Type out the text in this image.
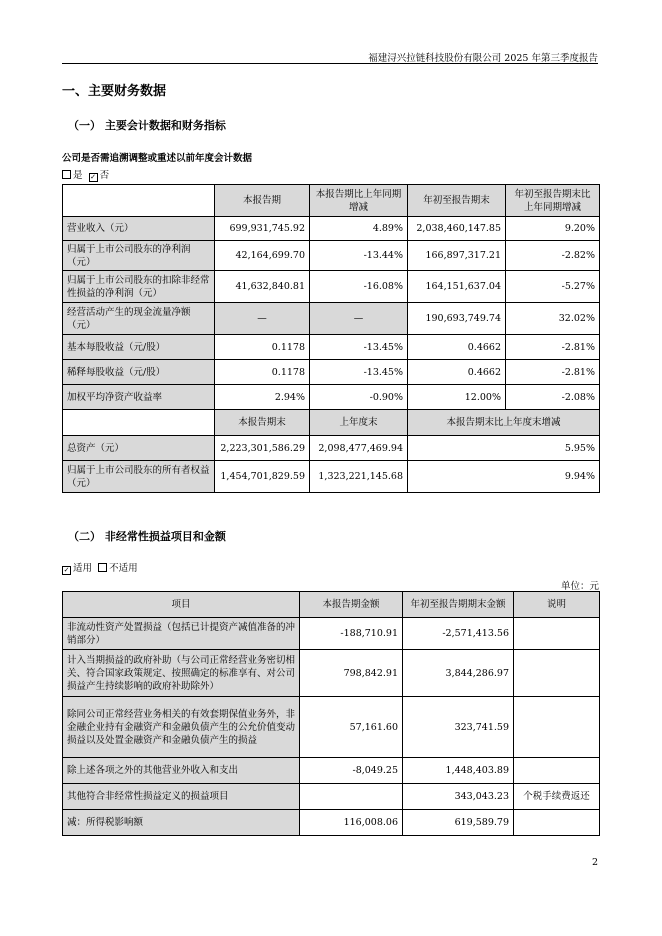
福建浔兴拉链科技股份有限公司 2025 年第三季度报告
一、主要财务数据
（一） 主要会计数据和财务指标
公司是否需追溯调整或重述以前年度会计数据
是 ✓ 否
	本报告期	本报告期比上年同期增减	年初至报告期末	年初至报告期末比上年同期增减
营业收入（元）	699,931,745.92	4.89%	2,038,460,147.85	9.20%
归属于上市公司股东的净利润（元）	42,164,699.70	-13.44%	166,897,317.21	-2.82%
归属于上市公司股东的扣除非经常性损益的净利润（元）	41,632,840.81	-16.08%	164,151,637.04	-5.27%
经营活动产生的现金流量净额（元）	—	—	190,693,749.74	32.02%
基本每股收益（元/股）	0.1178	-13.45%	0.4662	-2.81%
稀释每股收益（元/股）	0.1178	-13.45%	0.4662	-2.81%
加权平均净资产收益率	2.94%	-0.90%	12.00%	-2.08%
	本报告期末	上年度末	本报告期末比上年度末增减	
总资产（元）	2,223,301,586.29	2,098,477,469.94	5.95%	
归属于上市公司股东的所有者权益（元）	1,454,701,829.59	1,323,221,145.68	9.94%	
（二） 非经常性损益项目和金额
✓ 适用 不适用
单位：元
项目	本报告期金额	年初至报告期期末金额	说明
非流动性资产处置损益（包括已计提资产减值准备的冲销部分）	-188,710.91	-2,571,413.56	
计入当期损益的政府补助（与公司正常经营业务密切相关、符合国家政策规定、按照确定的标准享有、对公司损益产生持续影响的政府补助除外）	798,842.91	3,844,286.97	
除同公司正常经营业务相关的有效套期保值业务外，非金融企业持有金融资产和金融负债产生的公允价值变动损益以及处置金融资产和金融负债产生的损益	57,161.60	323,741.59	
除上述各项之外的其他营业外收入和支出	-8,049.25	1,448,403.89	
其他符合非经常性损益定义的损益项目		343,043.23	个税手续费返还
减：所得税影响额	116,008.06	619,589.79	
2
